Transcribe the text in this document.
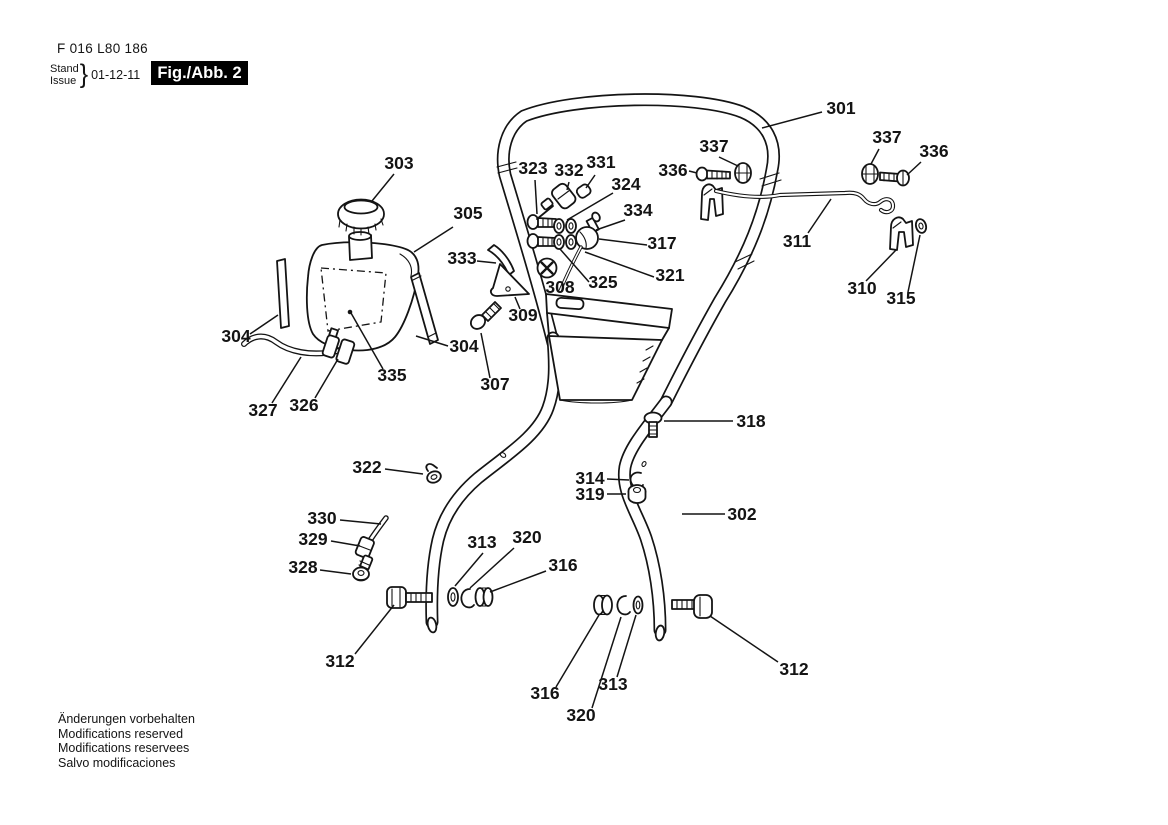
F 016 L80 186
Stand
Issue } 01-12-11 Fig./Abb. 2
301
337
336
337
336
303	323 332 331
324
305	334
317	311
333
321
325	310 315
308
309
304	304
307
335
326
327
318
322
314
319
302
330
329	313 320
328	316
312
316 313
320
312
Änderungen vorbehalten
Modifications reserved
Modifications reservees
Salvo modificaciones
